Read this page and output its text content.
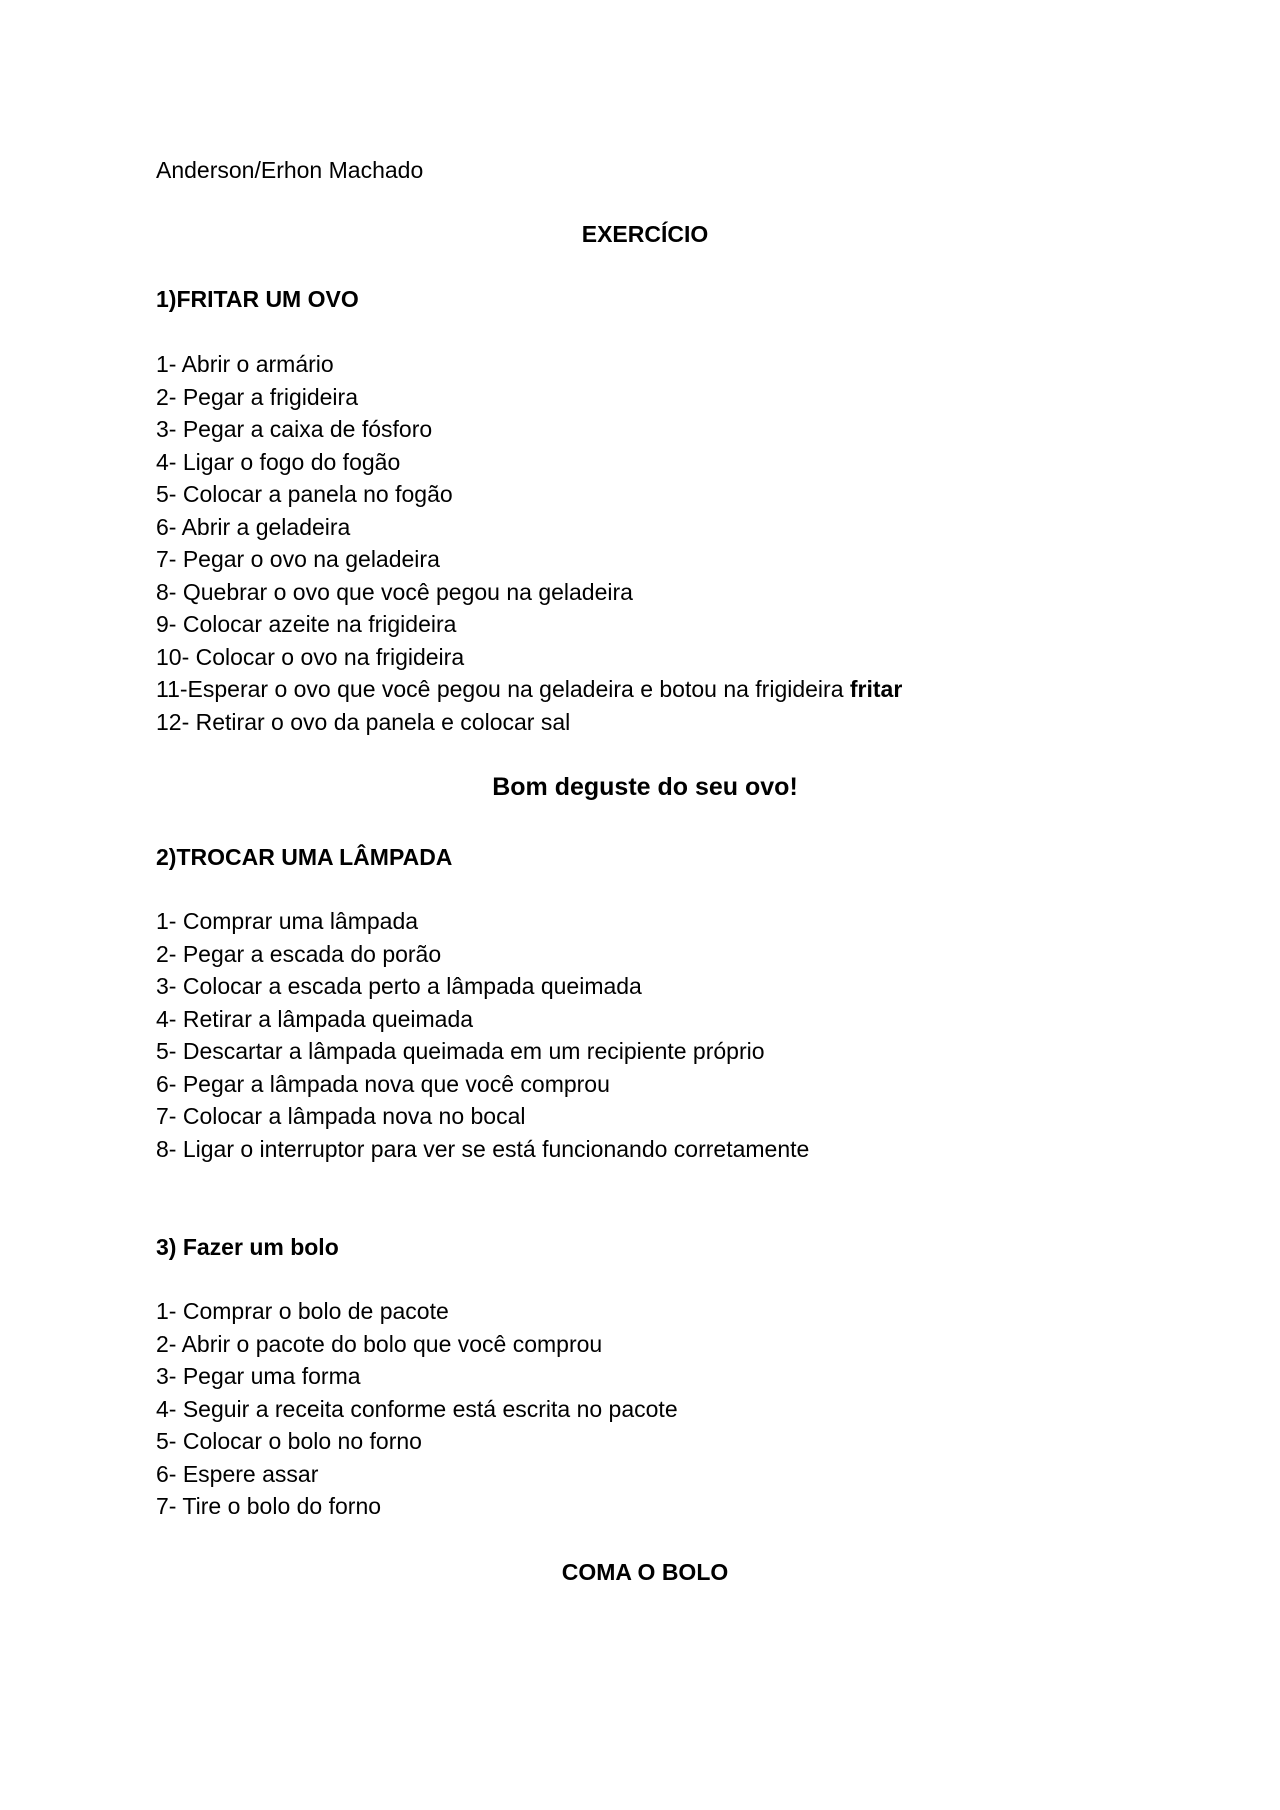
Anderson/Erhon Machado
EXERCÍCIO
1)FRITAR UM OVO
1- Abrir o armário
2- Pegar a frigideira
3- Pegar a caixa de fósforo
4- Ligar o fogo do fogão
5- Colocar a panela no fogão
6- Abrir a geladeira
7- Pegar o ovo na geladeira
8- Quebrar o ovo que você pegou na geladeira
9- Colocar azeite na frigideira
10- Colocar o ovo na frigideira
11-Esperar o ovo que você pegou na geladeira e botou na frigideira fritar
12- Retirar o ovo da panela e colocar sal
Bom deguste do seu ovo!
2)TROCAR UMA LÂMPADA
1- Comprar uma lâmpada
2- Pegar a escada do porão
3- Colocar a escada perto a lâmpada queimada
4- Retirar a lâmpada queimada
5- Descartar a lâmpada queimada em um recipiente próprio
6- Pegar a lâmpada nova que você comprou
7- Colocar a lâmpada nova no bocal
8- Ligar o interruptor para ver se está funcionando corretamente
3) Fazer um bolo
1- Comprar o bolo de pacote
2- Abrir o pacote do bolo que você comprou
3- Pegar uma forma
4- Seguir a receita conforme está escrita no pacote
5- Colocar o bolo no forno
6- Espere assar
7- Tire o bolo do forno
COMA O BOLO
